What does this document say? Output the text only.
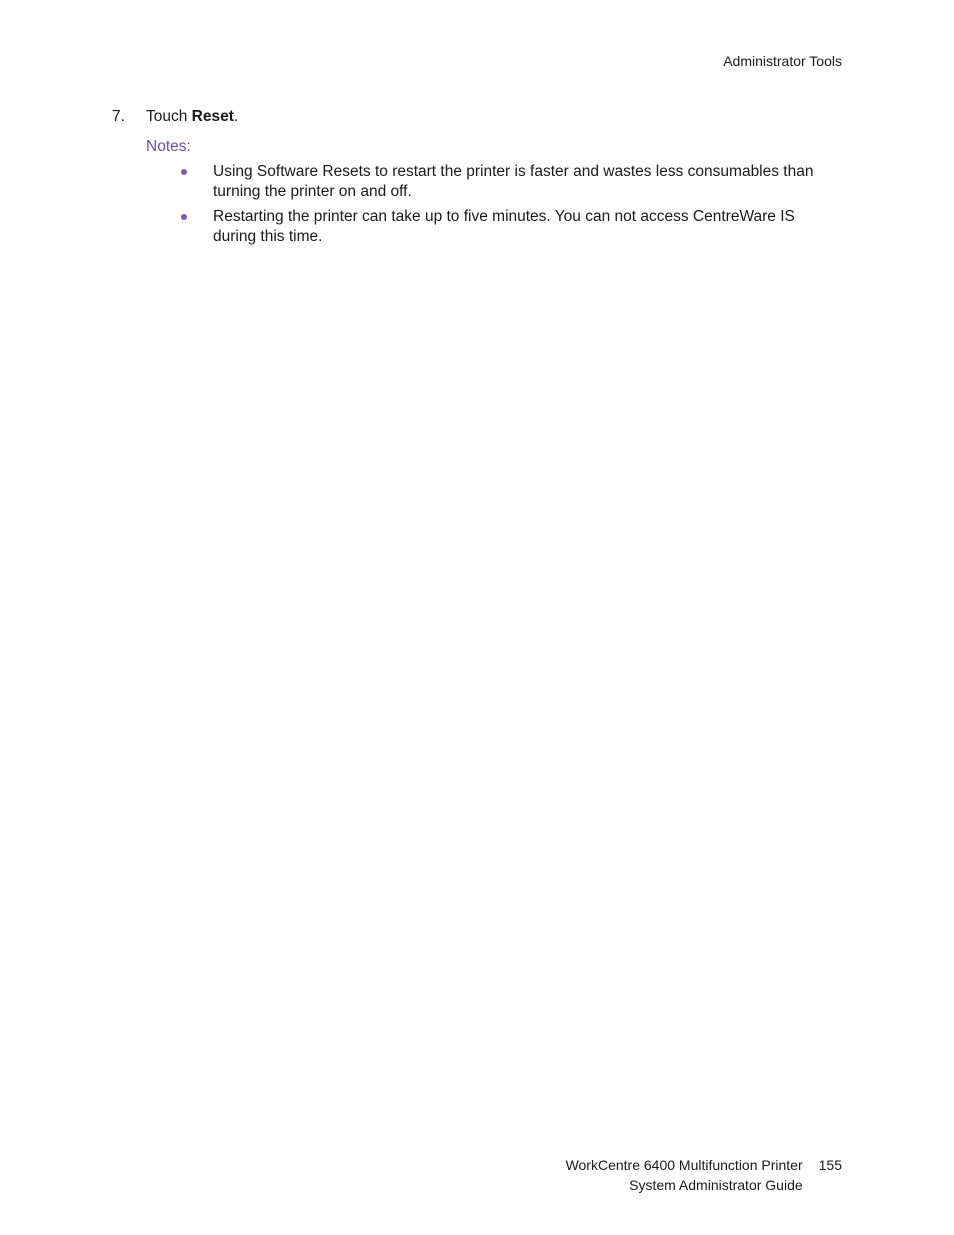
Administrator Tools
7. Touch Reset.
Notes:
Using Software Resets to restart the printer is faster and wastes less consumables than turning the printer on and off.
Restarting the printer can take up to five minutes. You can not access CentreWare IS during this time.
WorkCentre 6400 Multifunction Printer
System Administrator Guide
155
